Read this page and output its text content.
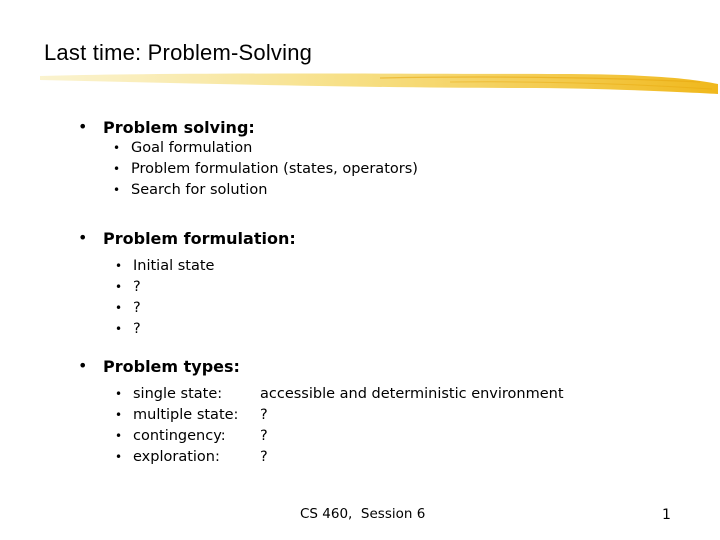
Last time: Problem-Solving
• Problem solving:
• Goal formulation
• Problem formulation (states, operators)
• Search for solution
• Problem formulation:
• Initial state
• ?
• ?
• ?
• Problem types:
• single state:	accessible and deterministic environment
• multiple state: ?
• contingency: ?
• exploration:	?
CS 460,  Session 6	1
